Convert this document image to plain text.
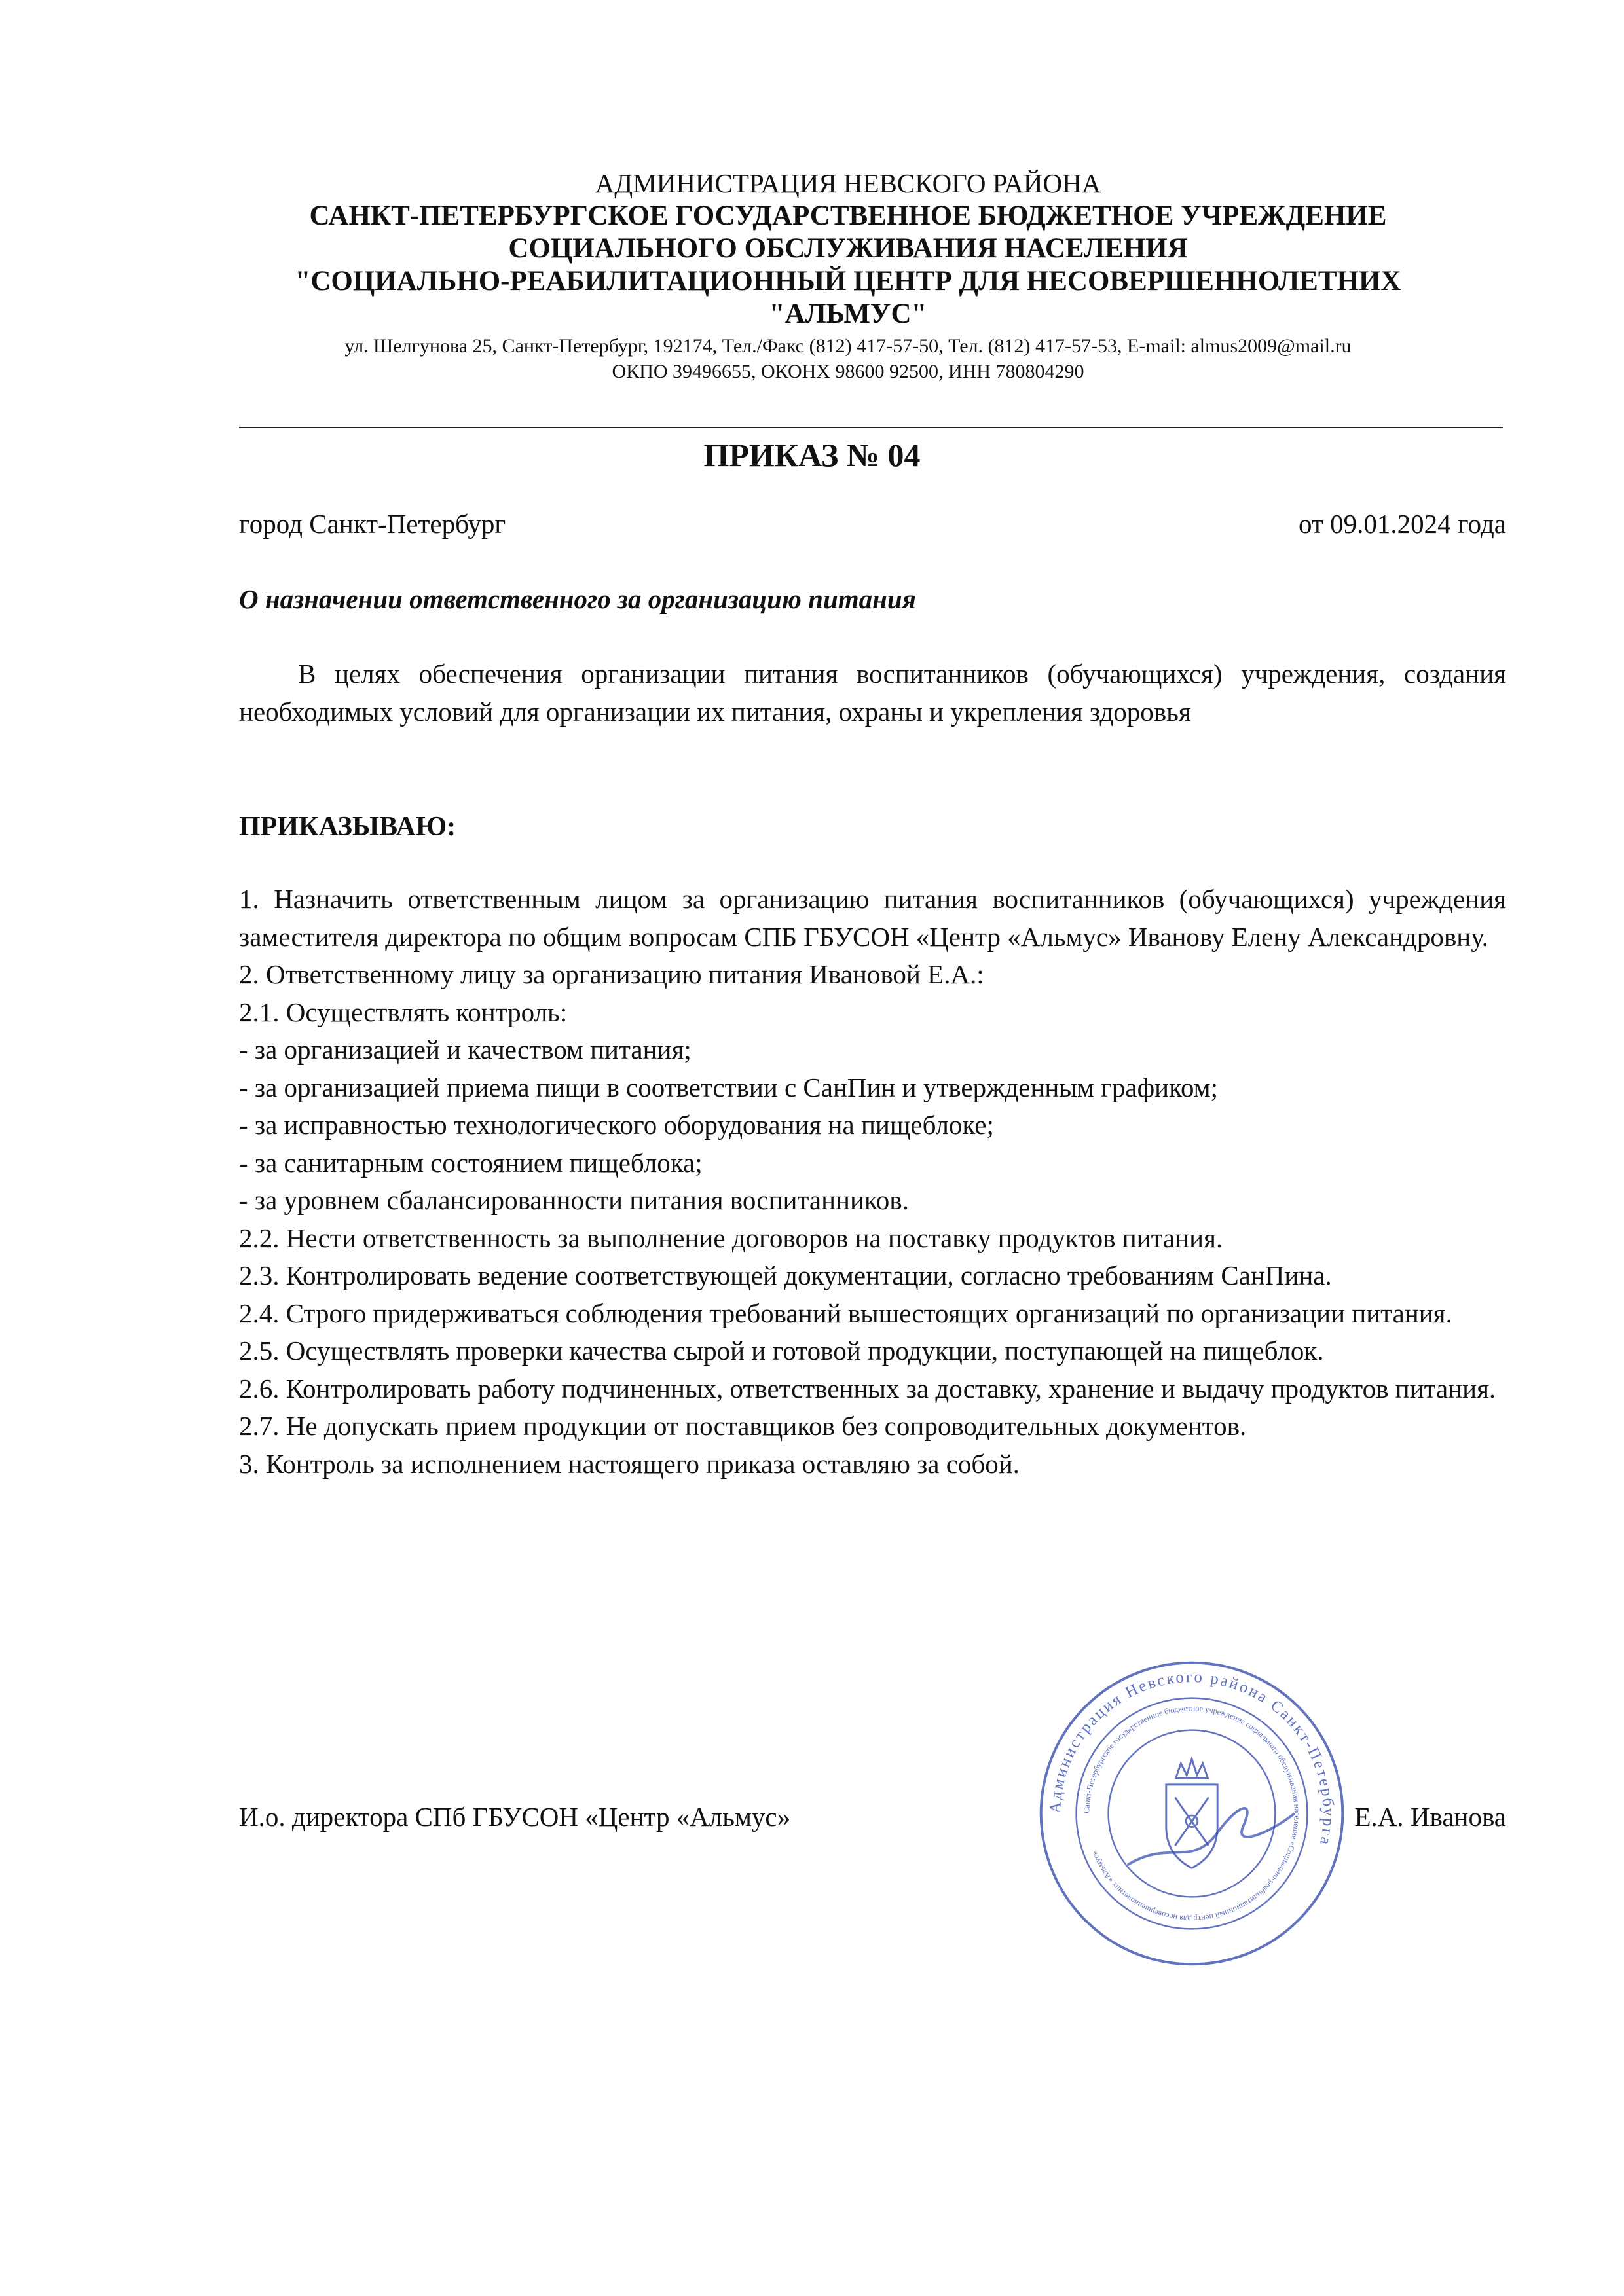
АДМИНИСТРАЦИЯ НЕВСКОГО РАЙОНА
САНКТ-ПЕТЕРБУРГСКОЕ ГОСУДАРСТВЕННОЕ БЮДЖЕТНОЕ УЧРЕЖДЕНИЕ
СОЦИАЛЬНОГО ОБСЛУЖИВАНИЯ НАСЕЛЕНИЯ
"СОЦИАЛЬНО-РЕАБИЛИТАЦИОННЫЙ ЦЕНТР ДЛЯ НЕСОВЕРШЕННОЛЕТНИХ
"АЛЬМУС"
ул. Шелгунова 25, Санкт-Петербург, 192174, Тел./Факс (812) 417-57-50, Тел. (812) 417-57-53, E-mail: almus2009@mail.ru
ОКПО 39496655, ОКОНХ 98600 92500, ИНН 780804290
ПРИКАЗ № 04
город Санкт-Петербург	от 09.01.2024 года
О назначении ответственного за организацию питания

В целях обеспечения организации питания воспитанников (обучающихся) учреждения, создания необходимых условий для организации их питания, охраны и укрепления здоровья

ПРИКАЗЫВАЮ:

1. Назначить ответственным лицом за организацию питания воспитанников (обучающихся) учреждения заместителя директора по общим вопросам СПБ ГБУСОН «Центр «Альмус» Иванову Елену Александровну.

2. Ответственному лицу за организацию питания Ивановой Е.А.:

2.1. Осуществлять контроль:

- за организацией и качеством питания;

- за организацией приема пищи в соответствии с СанПин и утвержденным графиком;

- за исправностью технологического оборудования на пищеблоке;

- за санитарным состоянием пищеблока;

- за уровнем сбалансированности питания воспитанников.

2.2. Нести ответственность за выполнение договоров на поставку продуктов питания.

2.3. Контролировать ведение соответствующей документации, согласно требованиям СанПина.

2.4. Строго придерживаться соблюдения требований вышестоящих организаций по организации питания.

2.5. Осуществлять проверки качества сырой и готовой продукции, поступающей на пищеблок.

2.6. Контролировать работу подчиненных, ответственных за доставку, хранение и выдачу продуктов питания.

2.7. Не допускать прием продукции от поставщиков без сопроводительных документов.

3. Контроль за исполнением настоящего приказа оставляю за собой.

И.о. директора СПб ГБУСОН «Центр «Альмус»	Е.А. Иванова
Администрация Невского района Санкт-Петербурга
Санкт-Петербургское государственное бюджетное учреждение социального обслуживания населения «Социально-реабилитационный центр для несовершеннолетних «Альмус»
